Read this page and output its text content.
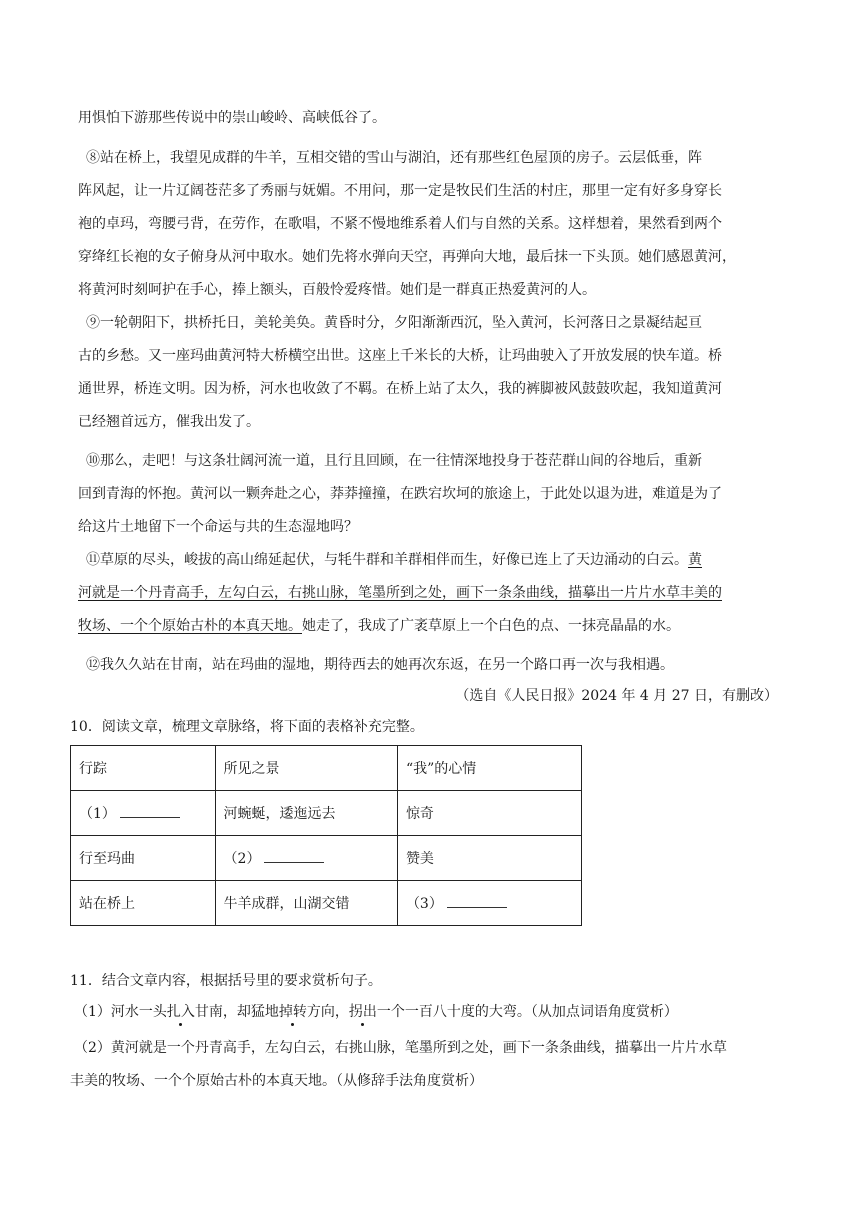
用惧怕下游那些传说中的崇山峻岭、高峡低谷了。
⑧站在桥上，我望见成群的牛羊，互相交错的雪山与湖泊，还有那些红色屋顶的房子。云层低垂，阵
阵风起，让一片辽阔苍茫多了秀丽与妩媚。不用问，那一定是牧民们生活的村庄，那里一定有好多身穿长
袍的卓玛，弯腰弓背，在劳作，在歌唱，不紧不慢地维系着人们与自然的关系。这样想着，果然看到两个
穿绛红长袍的女子俯身从河中取水。她们先将水弹向天空，再弹向大地，最后抹一下头顶。她们感恩黄河，
将黄河时刻呵护在手心，捧上额头，百般怜爱疼惜。她们是一群真正热爱黄河的人。
⑨一轮朝阳下，拱桥托日，美轮美奂。黄昏时分，夕阳渐渐西沉，坠入黄河，长河落日之景凝结起亘
古的乡愁。又一座玛曲黄河特大桥横空出世。这座上千米长的大桥，让玛曲驶入了开放发展的快车道。桥
通世界，桥连文明。因为桥，河水也收敛了不羁。在桥上站了太久，我的裤脚被风鼓鼓吹起，我知道黄河
已经翘首远方，催我出发了。
⑩那么，走吧！与这条壮阔河流一道，且行且回顾，在一往情深地投身于苍茫群山间的谷地后，重新
回到青海的怀抱。黄河以一颗奔赴之心，莽莽撞撞，在跌宕坎坷的旅途上，于此处以退为进，难道是为了
给这片土地留下一个命运与共的生态湿地吗？
⑪草原的尽头，峻拔的高山绵延起伏，与牦牛群和羊群相伴而生，好像已连上了天边涌动的白云。黄
河就是一个丹青高手，左勾白云，右挑山脉，笔墨所到之处，画下一条条曲线，描摹出一片片水草丰美的
牧场、一个个原始古朴的本真天地。她走了，我成了广袤草原上一个白色的点、一抹亮晶晶的水。
⑫我久久站在甘南，站在玛曲的湿地，期待西去的她再次东返，在另一个路口再一次与我相遇。
（选自《人民日报》2024 年 4 月 27 日，有删改）
10．阅读文章，梳理文章脉络，将下面的表格补充完整。
行踪	所见之景	“我”的心情
（1）	河蜿蜒，逶迤远去	惊奇
行至玛曲	（2）	赞美
站在桥上	牛羊成群，山湖交错	（3）
11．结合文章内容，根据括号里的要求赏析句子。
（1）河水一头扎入甘南，却猛地掉转方向，拐出一个一百八十度的大弯。（从加点词语角度赏析）
（2）黄河就是一个丹青高手，左勾白云，右挑山脉，笔墨所到之处，画下一条条曲线，描摹出一片片水草
丰美的牧场、一个个原始古朴的本真天地。（从修辞手法角度赏析）
